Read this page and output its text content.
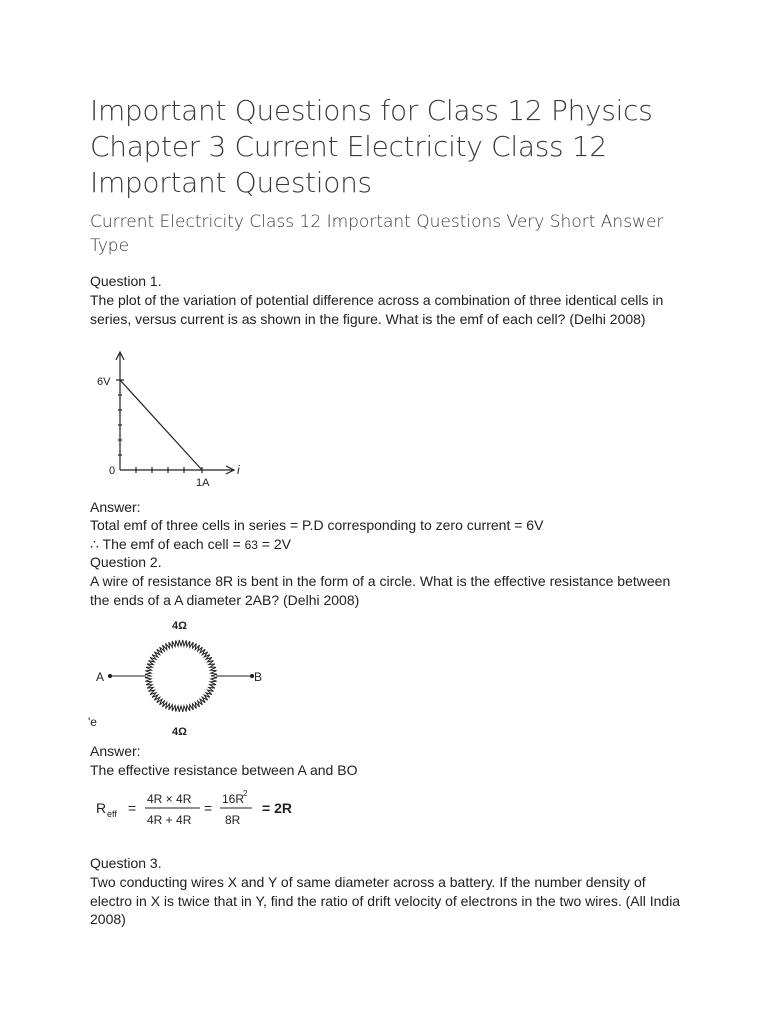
Important Questions for Class 12 Physics Chapter 3 Current Electricity Class 12 Important Questions
Current Electricity Class 12 Important Questions Very Short Answer Type

Question 1.

The plot of the variation of potential difference across a combination of three identical cells in series, versus current is as shown in the figure. What is the emf of each cell? (Delhi 2008)

6V
0
1A
i

Answer:

Total emf of three cells in series = P.D corresponding to zero current = 6V

∴ The emf of each cell = 63 = 2V

Question 2.

A wire of resistance 8R is bent in the form of a circle. What is the effective resistance between the ends of a A diameter 2AB? (Delhi 2008)

4Ω
4Ω
A	B
'e

Answer:

The effective resistance between A and BO

R eff =
4R × 4R
4R + 4R
=
16R
2
8R
= 2R

Question 3.

Two conducting wires X and Y of same diameter across a battery. If the number density of electro in X is twice that in Y, find the ratio of drift velocity of electrons in the two wires. (All India 2008)
